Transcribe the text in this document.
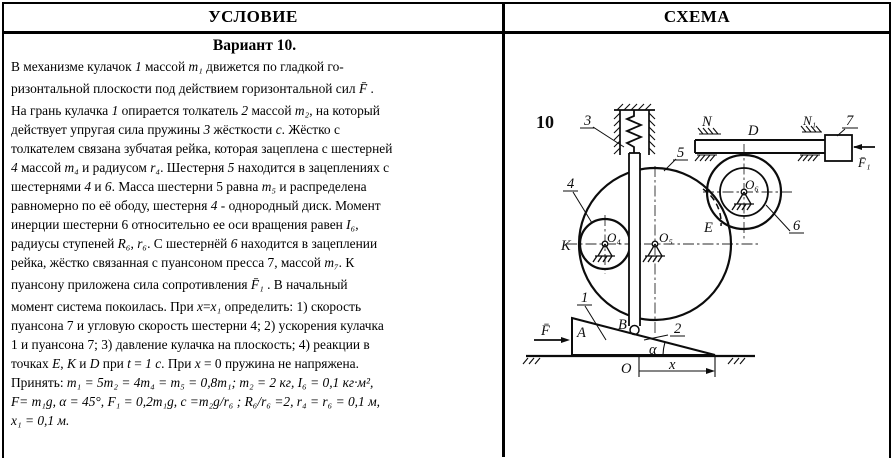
УСЛОВИЕ	СХЕМА
Вариант 10.
В механизме кулачок 1 массой m₁ движется по гладкой го-
ризонтальной плоскости под действием горизонтальной сил F̄ .
На грань кулачка 1 опирается толкатель 2 массой m₂, на который
действует упругая сила пружины 3 жёсткости с. Жёстко с
толкателем связана зубчатая рейка, которая зацеплена с шестерней
4 массой m₄ и радиусом r₄. Шестерня 5 находится в зацеплениях с
шестернями 4 и 6. Масса шестерни 5 равна m₅ и распределена
равномерно по её ободу, шестерня 4 - однородный диск. Момент
инерции шестерни 6 относительно ее оси вращения равен I₆,
радиусы ступеней R₆, r₆. С шестернёй 6 находится в зацеплении
рейка, жёстко связанная с пуансоном пресса 7, массой m₇. К
пуансону приложена сила сопротивления F̄₁ . В начальный
момент система покоилась. При x=x₁ определить: 1) скорость
пуансона 7 и угловую скорость шестерни 4; 2) ускорения кулачка
1 и пуансона 7; 3) давление кулачка на плоскость; 4) реакции в
точках E, K и D при t = 1 с. При x = 0 пружина не напряжена.
Принять: m₁ = 5m₂ = 4m₄ = m₅ = 0,8m₁; m₂ = 2 кг, I₆ = 0,1 кг·м²,
F= m₁g, α = 45°, F₁ = 0,2m₁g, c =m₂g/r₆ ; R₆/r₆ =2, r₄ = r₆ = 0,1 м,
x₁ = 0,1 м.
10 3
5
4
6
1
2
7
K
O₄	O₅
O₆
E
D
N	N₁
A B
O
F̄
F̄₁
α
x
